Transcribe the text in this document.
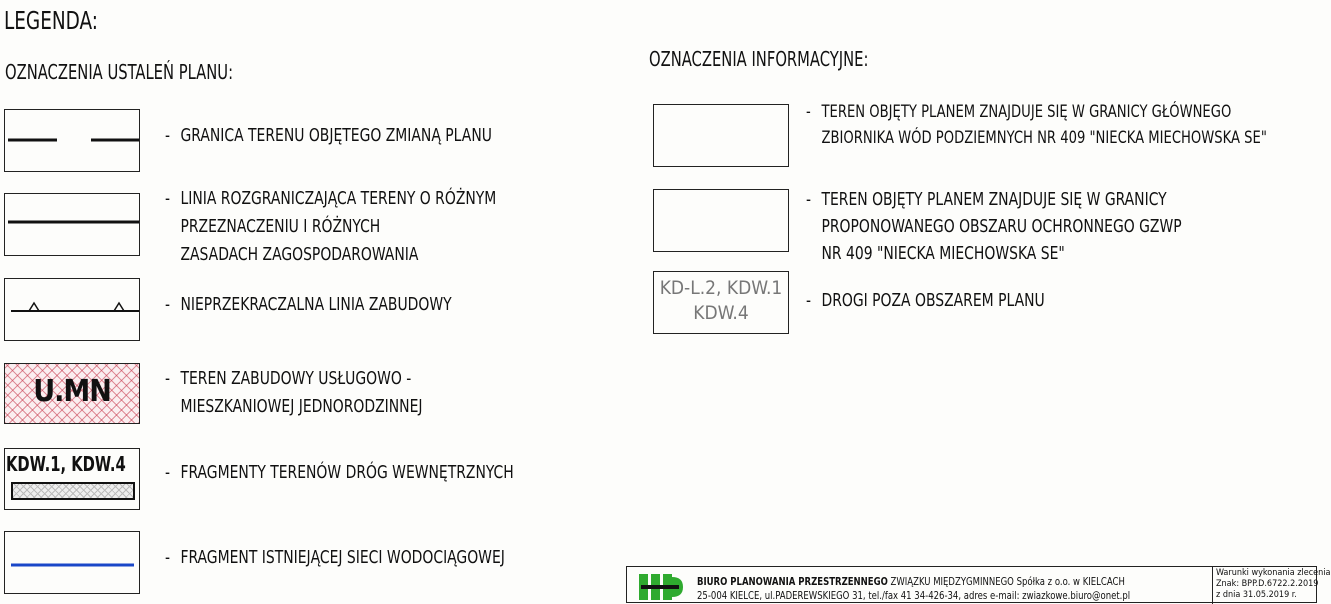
LEGENDA:
OZNACZENIA USTALEŃ PLANU:
- GRANICA TERENU OBJĘTEGO ZMIANĄ PLANU
- LINIA ROZGRANICZAJĄCA TERENY O RÓŻNYM
PRZEZNACZENIU I RÓŻNYCH
ZASADACH ZAGOSPODAROWANIA
- NIEPRZEKRACZALNA LINIA ZABUDOWY
U.MN	- TEREN ZABUDOWY USŁUGOWO -
MIESZKANIOWEJ JEDNORODZINNEJ
KDW.1, KDW.4 - FRAGMENTY TERENÓW DRÓG WEWNĘTRZNYCH
- FRAGMENT ISTNIEJĄCEJ SIECI WODOCIĄGOWEJ
OZNACZENIA INFORMACYJNE:
- TEREN OBJĘTY PLANEM ZNAJDUJE SIĘ W GRANICY GŁÓWNEGO
ZBIORNIKA WÓD PODZIEMNYCH NR 409 "NIECKA MIECHOWSKA SE"
- TEREN OBJĘTY PLANEM ZNAJDUJE SIĘ W GRANICY
PROPONOWANEGO OBSZARU OCHRONNEGO GZWP
NR 409 "NIECKA MIECHOWSKA SE"
KD-L.2, KDW.1
KDW.4
- DROGI POZA OBSZAREM PLANU
BIURO PLANOWANIA PRZESTRZENNEGO ZWIĄZKU MIĘDZYGMINNEGO Spółka z o.o. w KIELCACH
25-004 KIELCE, ul.PADEREWSKIEGO 31, tel./fax 41 34-426-34, adres e-mail: zwiazkowe.biuro@onet.pl
Warunki wykonania zlecenia
Znak: BPP.D.6722.2.2019
z dnia 31.05.2019 r.
